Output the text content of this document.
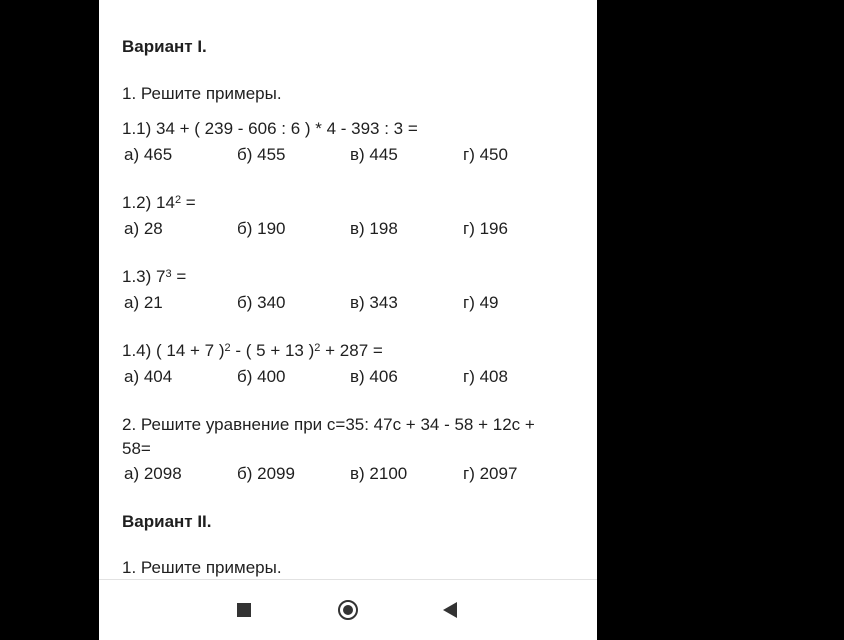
Вариант I.
1. Решите примеры.
1.1) 34 + ( 239 - 606 : 6 ) * 4 - 393 : 3 =
а) 465	б) 455	в) 445	г) 450
1.2) $14^2$ =
а) 28	б) 190	в) 198	г) 196
1.3) $7^3$ =
а) 21	б) 340	в) 343	г) 49
1.4) ( 14 + 7 )$^2$ - ( 5 + 13 )$^2$ + 287 =
а) 404	б) 400	в) 406	г) 408
2. Решите уравнение при с=35: 47с + 34 - 58 + 12с +
58=
а) 2098	б) 2099	в) 2100	г) 2097
Вариант II.
1. Решите примеры.
